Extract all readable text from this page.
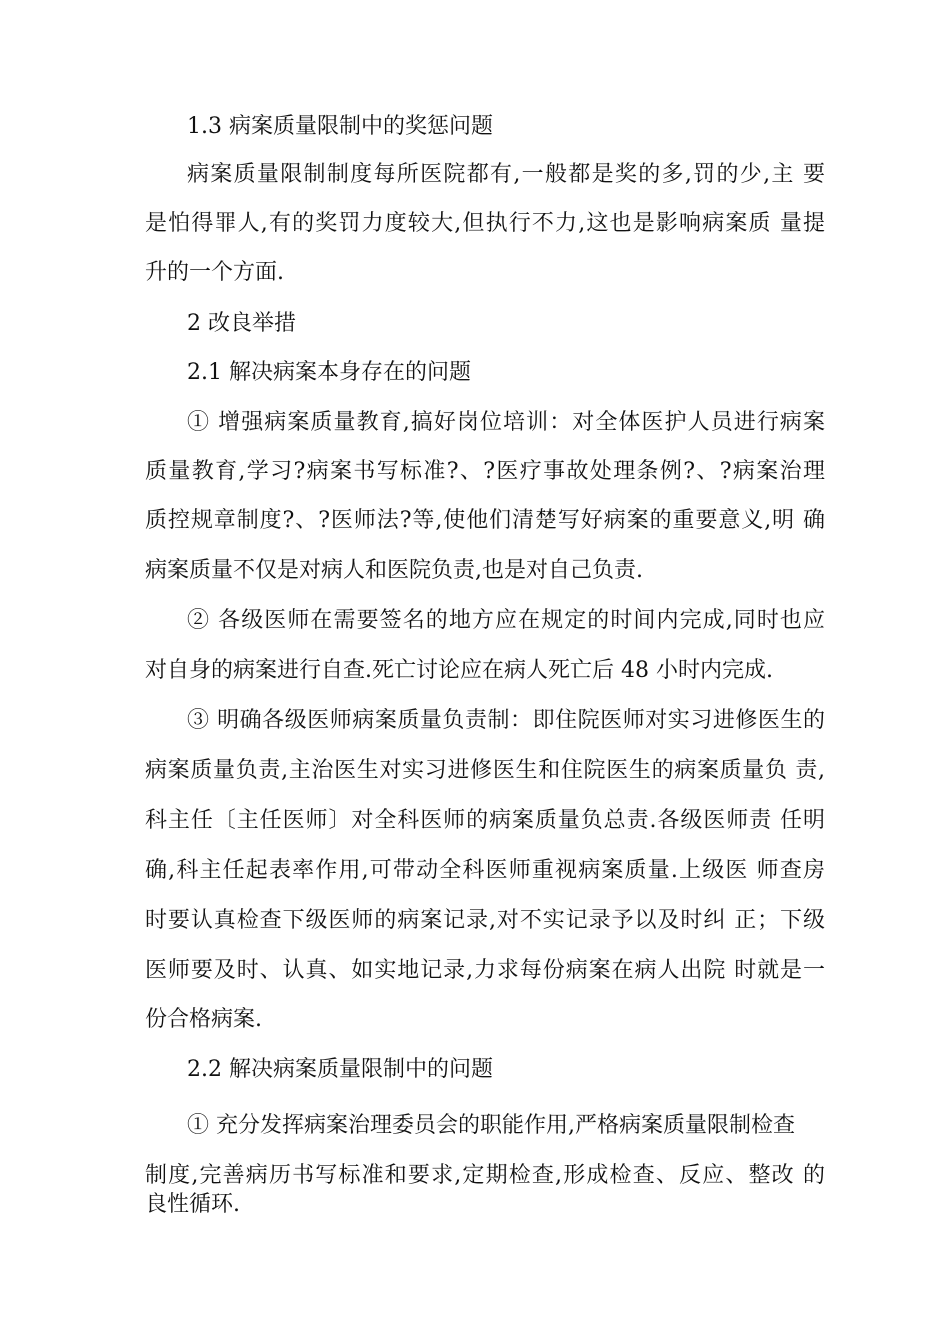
1.3 病案质量限制中的奖惩问题

病案质量限制制度每所医院都有,一般都是奖的多,罚的少,主 要

是怕得罪人,有的奖罚力度较大,但执行不力,这也是影响病案质 量提

升的一个方面.

2 改良举措

2.1 解决病案本身存在的问题

① 增强病案质量教育,搞好岗位培训：对全体医护人员进行病案

质量教育,学习?病案书写标准?、?医疗事故处理条例?、?病案治理

质控规章制度?、?医师法?等,使他们清楚写好病案的重要意义,明 确

病案质量不仅是对病人和医院负责,也是对自己负责.

② 各级医师在需要签名的地方应在规定的时间内完成,同时也应

对自身的病案进行自查.死亡讨论应在病人死亡后 48 小时内完成.

③ 明确各级医师病案质量负责制：即住院医师对实习进修医生的

病案质量负责,主治医生对实习进修医生和住院医生的病案质量负 责,

科主任〔主任医师〕对全科医师的病案质量负总责.各级医师责 任明

确,科主任起表率作用,可带动全科医师重视病案质量.上级医 师查房

时要认真检查下级医师的病案记录,对不实记录予以及时纠 正；下级

医师要及时、认真、如实地记录,力求每份病案在病人出院 时就是一

份合格病案.

2.2 解决病案质量限制中的问题

① 充分发挥病案治理委员会的职能作用,严格病案质量限制检查

制度,完善病历书写标准和要求,定期检查,形成检查、反应、整改 的

良性循环.
